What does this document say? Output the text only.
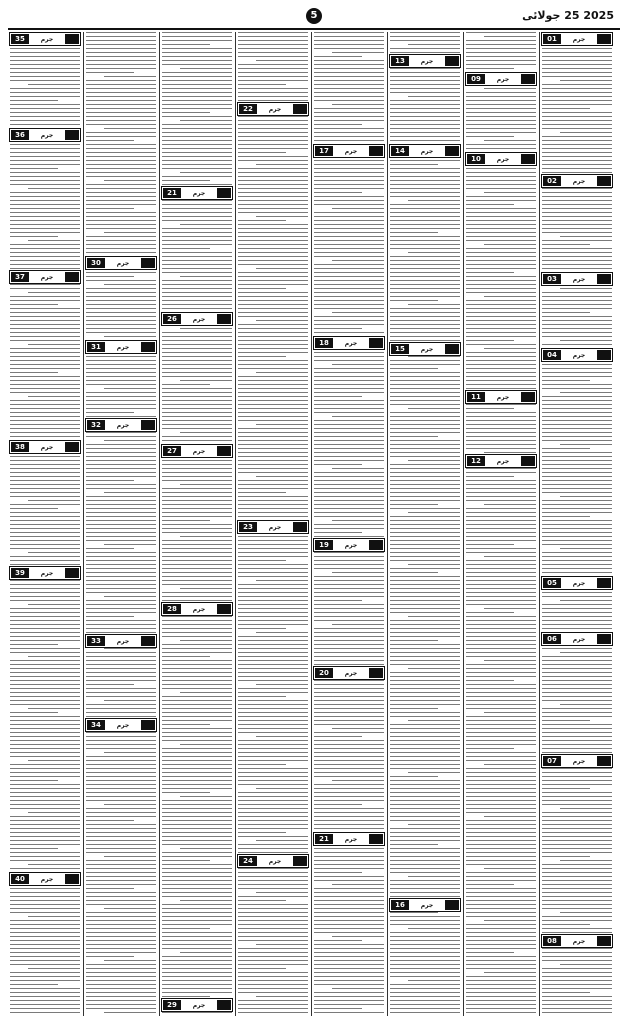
2025 25 جولائی
5
35	جرم
36	جرم
37	جرم
38	جرم
39	جرم
40	جرم
30	جرم
31	جرم
32	جرم
33	جرم
34	جرم
21	جرم
26	جرم
27	جرم
28	جرم
29	جرم
22	جرم
23	جرم
24	جرم
17	جرم
18	جرم
19	جرم
20	جرم
21	جرم
13	جرم
14	جرم
15	جرم
16	جرم
09	جرم
10	جرم
11	جرم
12	جرم
01	جرم
02	جرم
03	جرم
04	جرم
05	جرم
06	جرم
07	جرم
08	جرم
